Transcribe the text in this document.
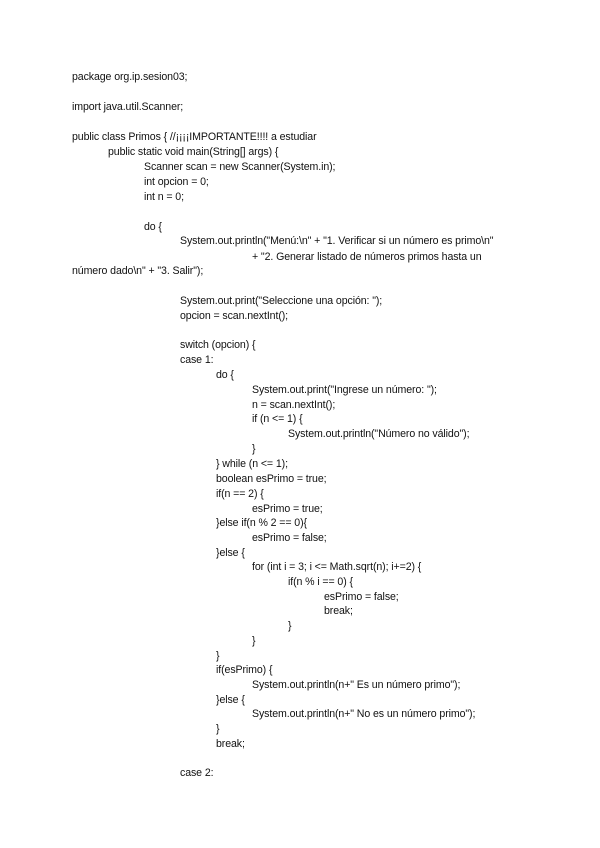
package org.ip.sesion03;
import java.util.Scanner;
public class Primos { //¡¡¡¡IMPORTANTE!!!! a estudiar
public static void main(String[] args) {
Scanner scan = new Scanner(System.in);
int opcion = 0;
int n = 0;
do {
System.out.println("Menú:\n" + "1. Verificar si un número es primo\n"
+ "2. Generar listado de números primos hasta un
número dado\n" + "3. Salir");
System.out.print("Seleccione una opción: ");
opcion = scan.nextInt();
switch (opcion) {
case 1:
do {
System.out.print("Ingrese un número: ");
n = scan.nextInt();
if (n <= 1) {
System.out.println("Número no válido");
}
} while (n <= 1);
boolean esPrimo = true;
if(n == 2) {
esPrimo = true;
}else if(n % 2 == 0){
esPrimo = false;
}else {
for (int i = 3; i <= Math.sqrt(n); i+=2) {
if(n % i == 0) {
esPrimo = false;
break;
}
}
}
if(esPrimo) {
System.out.println(n+" Es un número primo");
}else {
System.out.println(n+" No es un número primo");
}
break;
case 2:
